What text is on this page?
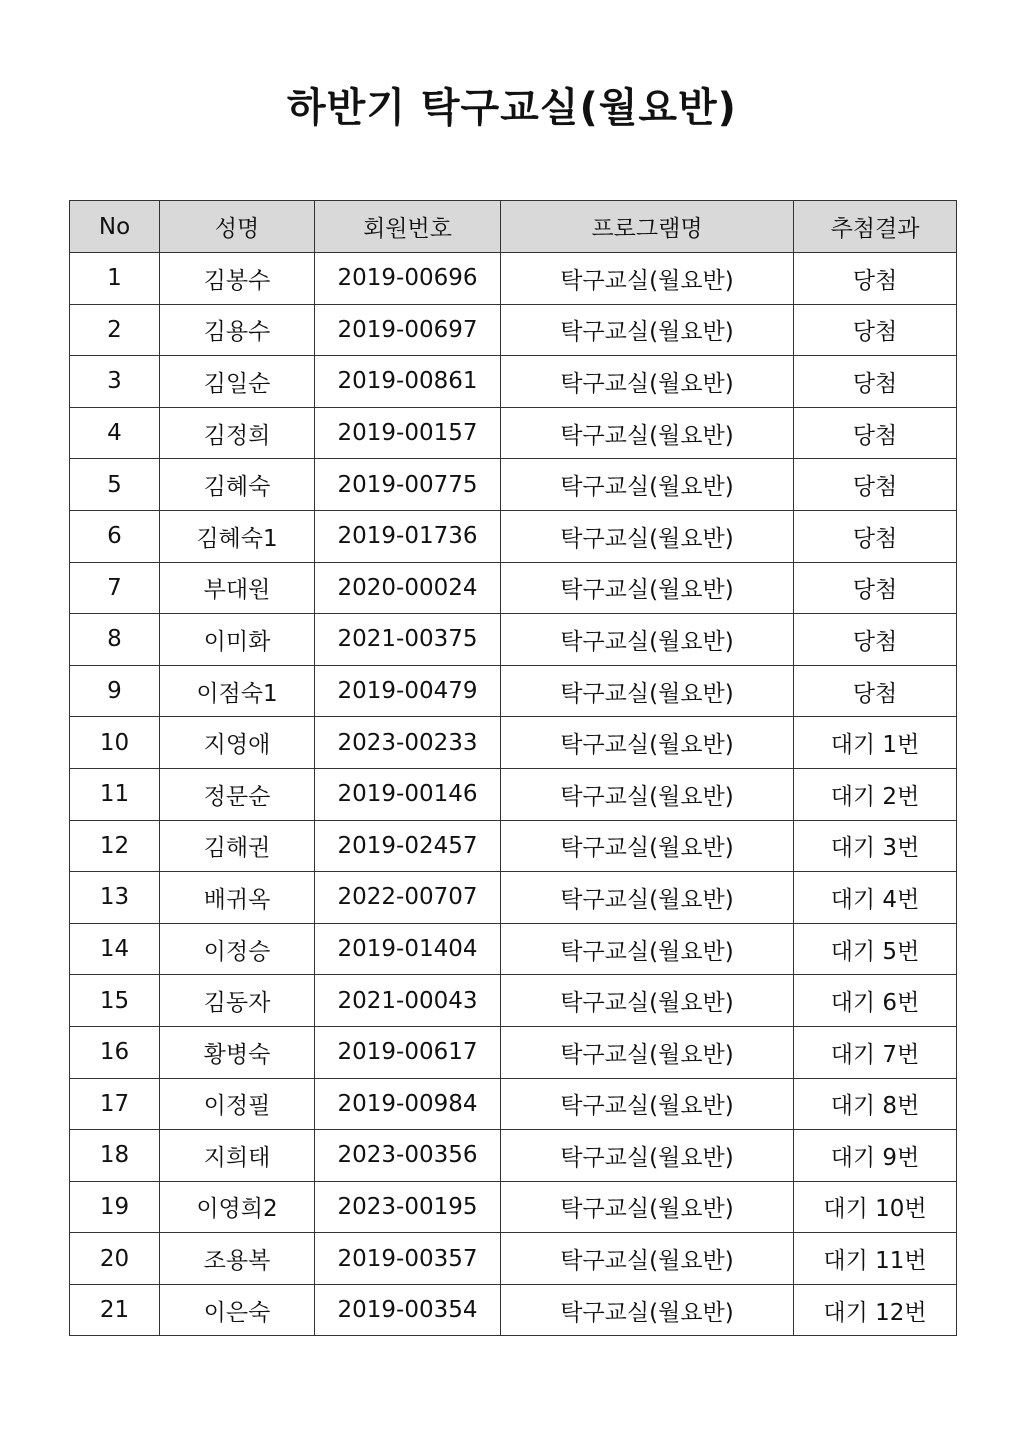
하반기 탁구교실(월요반)
No	성명	회원번호	프로그램명	추첨결과
1	김봉수	2019-00696	탁구교실(월요반)	당첨
2	김용수	2019-00697	탁구교실(월요반)	당첨
3	김일순	2019-00861	탁구교실(월요반)	당첨
4	김정희	2019-00157	탁구교실(월요반)	당첨
5	김혜숙	2019-00775	탁구교실(월요반)	당첨
6	김혜숙1	2019-01736	탁구교실(월요반)	당첨
7	부대원	2020-00024	탁구교실(월요반)	당첨
8	이미화	2021-00375	탁구교실(월요반)	당첨
9	이점숙1	2019-00479	탁구교실(월요반)	당첨
10	지영애	2023-00233	탁구교실(월요반)	대기 1번
11	정문순	2019-00146	탁구교실(월요반)	대기 2번
12	김해권	2019-02457	탁구교실(월요반)	대기 3번
13	배귀옥	2022-00707	탁구교실(월요반)	대기 4번
14	이정승	2019-01404	탁구교실(월요반)	대기 5번
15	김동자	2021-00043	탁구교실(월요반)	대기 6번
16	황병숙	2019-00617	탁구교실(월요반)	대기 7번
17	이정필	2019-00984	탁구교실(월요반)	대기 8번
18	지희태	2023-00356	탁구교실(월요반)	대기 9번
19	이영희2	2023-00195	탁구교실(월요반)	대기 10번
20	조용복	2019-00357	탁구교실(월요반)	대기 11번
21	이은숙	2019-00354	탁구교실(월요반)	대기 12번
